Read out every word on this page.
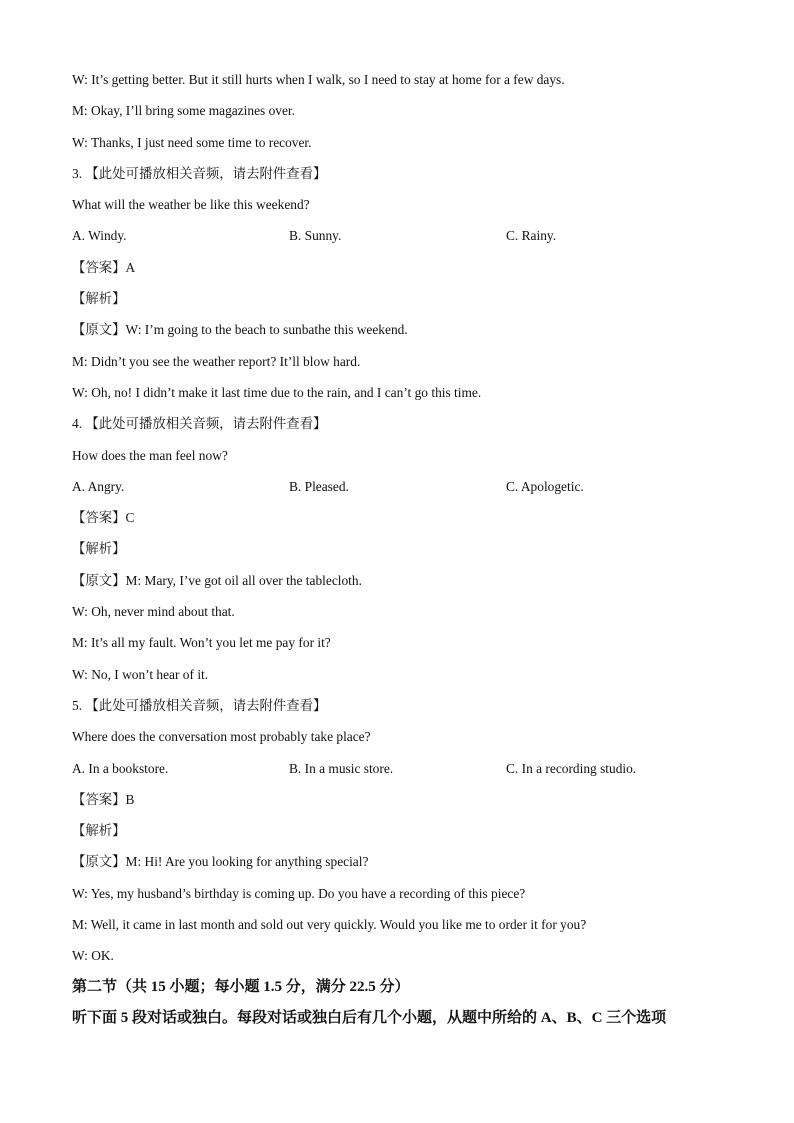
W: It’s getting better. But it still hurts when I walk, so I need to stay at home for a few days.
M: Okay, I’ll bring some magazines over.
W: Thanks, I just need some time to recover.
3. 【此处可播放相关音频，请去附件查看】
What will the weather be like this weekend?
A. Windy.	B. Sunny.	C. Rainy.
【答案】A
【解析】
【原文】W: I’m going to the beach to sunbathe this weekend.
M: Didn’t you see the weather report? It’ll blow hard.
W: Oh, no! I didn’t make it last time due to the rain, and I can’t go this time.
4. 【此处可播放相关音频，请去附件查看】
How does the man feel now?
A. Angry.	B. Pleased.	C. Apologetic.
【答案】C
【解析】
【原文】M: Mary, I’ve got oil all over the tablecloth.
W: Oh, never mind about that.
M: It’s all my fault. Won’t you let me pay for it?
W: No, I won’t hear of it.
5. 【此处可播放相关音频，请去附件查看】
Where does the conversation most probably take place?
A. In a bookstore.	B. In a music store.	C. In a recording studio.
【答案】B
【解析】
【原文】M: Hi! Are you looking for anything special?
W: Yes, my husband’s birthday is coming up. Do you have a recording of this piece?
M: Well, it came in last month and sold out very quickly. Would you like me to order it for you?
W: OK.
第二节（共 15 小题；每小题 1.5 分，满分 22.5 分）
听下面 5 段对话或独白。每段对话或独白后有几个小题，从题中所给的 A、B、C 三个选项
